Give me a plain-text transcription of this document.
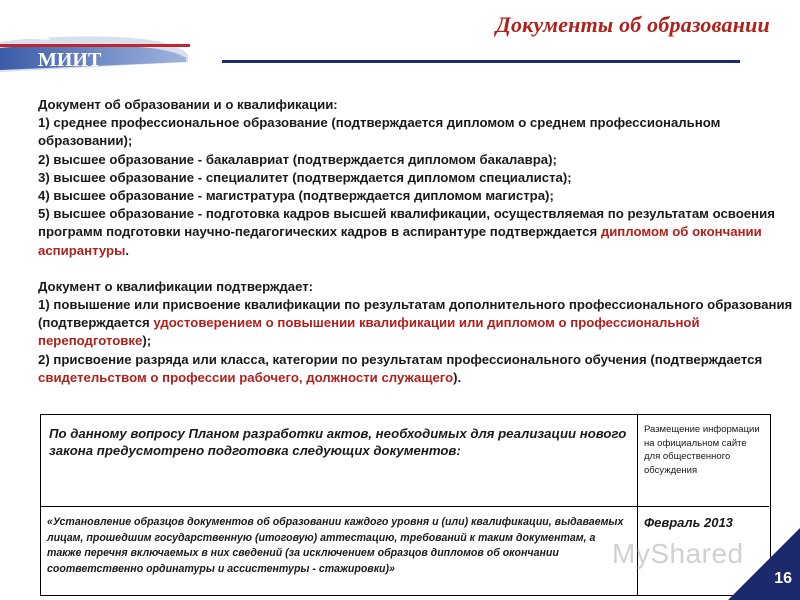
МИИТ
Документы об образовании

Документ об образовании и о квалификации:

1) среднее профессиональное образование (подтверждается дипломом о среднем профессиональном образовании);

2) высшее образование - бакалавриат (подтверждается дипломом бакалавра);

3) высшее образование - специалитет (подтверждается дипломом специалиста);

4) высшее образование - магистратура (подтверждается дипломом магистра);

5) высшее образование - подготовка кадров высшей квалификации, осуществляемая по результатам освоения программ подготовки научно-педагогических кадров в аспирантуре подтверждается дипломом об окончании аспирантуры.

Документ о квалификации подтверждает:

1) повышение или присвоение квалификации по результатам дополнительного профессионального образования (подтверждается удостоверением о повышении квалификации или дипломом о профессиональной переподготовке);

2) присвоение разряда или класса, категории по результатам профессионального обучения (подтверждается свидетельством о профессии рабочего, должности служащего).

По данному вопросу Планом разработки актов, необходимых для реализации нового закона предусмотрено подготовка следующих документов:
Размещение информации на официальном сайте для общественного обсуждения
«Установление образцов документов об образовании каждого уровня и (или) квалификации, выдаваемых лицам, прошедшим государственную (итоговую) аттестацию, требований к таким документам, а также перечня включаемых в них сведений (за исключением образцов дипломов об окончании соответственно ординатуры и ассистентуры - стажировки)»
Февраль 2013
MyShared
16
